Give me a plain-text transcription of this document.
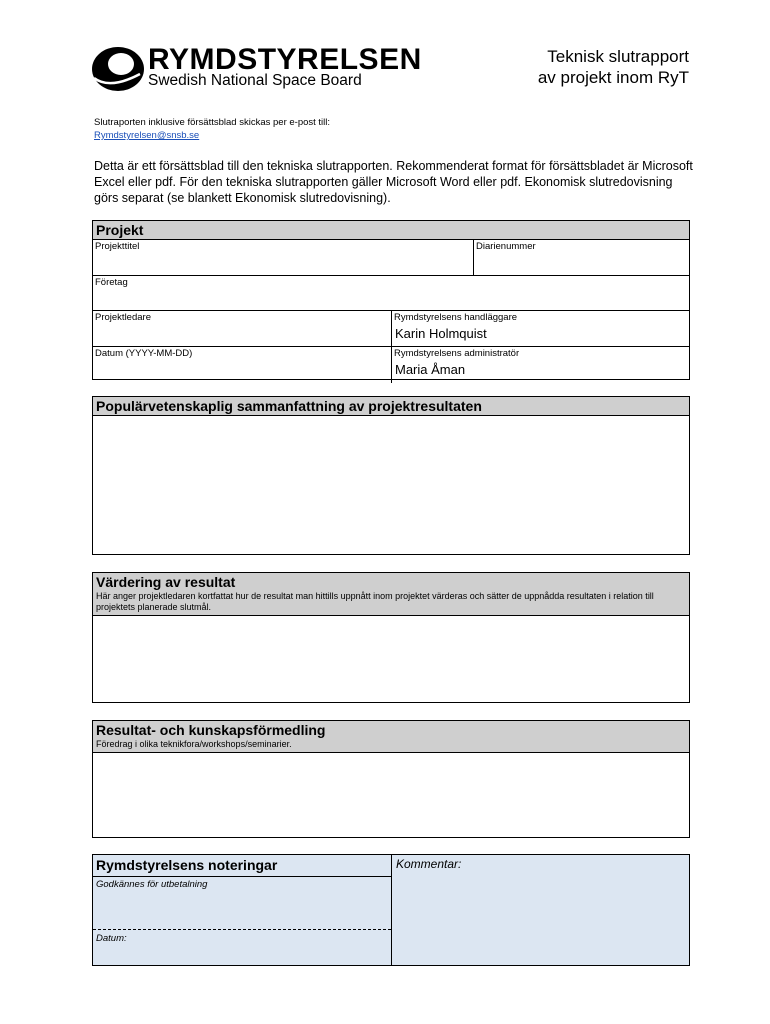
RYMDSTYRELSEN
Swedish National Space Board
Teknisk slutrapport
av projekt inom RyT
Slutraporten inklusive försättsblad skickas per e-post till:
Rymdstyrelsen@snsb.se
Detta är ett försättsblad till den tekniska slutrapporten. Rekommenderat format för försättsbladet är Microsoft Excel eller pdf. För den tekniska slutrapporten gäller Microsoft Word eller pdf. Ekonomisk slutredovisning görs separat (se blankett Ekonomisk slutredovisning).
Projekt
Projekttitel	Diarienummer
Företag
Projektledare	Rymdstyrelsens handläggare
Karin Holmquist
Datum (YYYY-MM-DD)	Rymdstyrelsens administratör
Maria Åman
Populärvetenskaplig sammanfattning av projektresultaten
Värdering av resultat
Här anger projektledaren kortfattat hur de resultat man hittills uppnått inom projektet värderas och sätter de uppnådda resultaten i relation till projektets planerade slutmål.
Resultat- och kunskapsförmedling
Föredrag i olika teknikfora/workshops/seminarier.
Rymdstyrelsens noteringar
Godkännes för utbetalning
Datum:
Kommentar:
